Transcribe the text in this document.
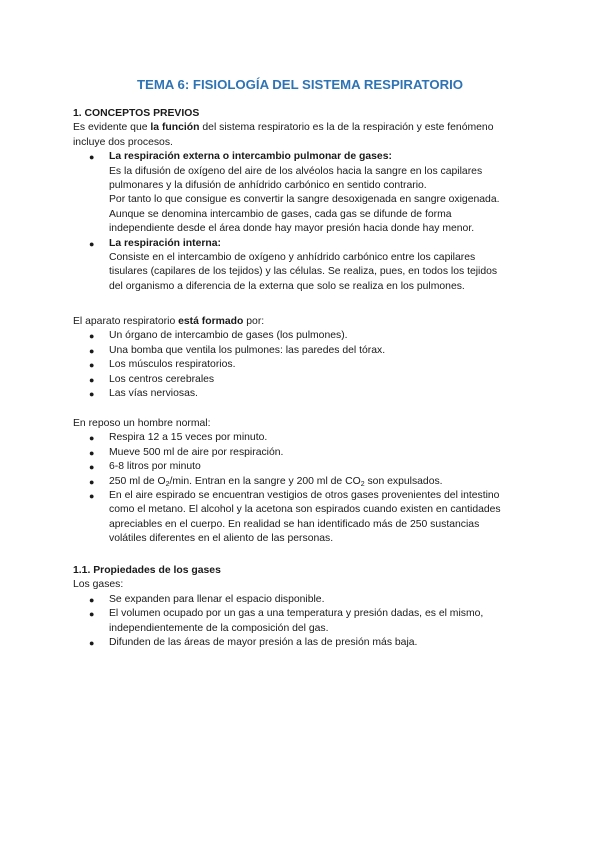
TEMA 6: FISIOLOGÍA DEL SISTEMA RESPIRATORIO
1. CONCEPTOS PREVIOS
Es evidente que la función del sistema respiratorio es la de la respiración y este fenómeno
incluye dos procesos.
● La respiración externa o intercambio pulmonar de gases:
Es la difusión de oxígeno del aire de los alvéolos hacia la sangre en los capilares
pulmonares y la difusión de anhídrido carbónico en sentido contrario.
Por tanto lo que consigue es convertir la sangre desoxigenada en sangre oxigenada.
Aunque se denomina intercambio de gases, cada gas se difunde de forma
independiente desde el área donde hay mayor presión hacia donde hay menor.
● La respiración interna:
Consiste en el intercambio de oxígeno y anhídrido carbónico entre los capilares
tisulares (capilares de los tejidos) y las células. Se realiza, pues, en todos los tejidos
del organismo a diferencia de la externa que solo se realiza en los pulmones.
El aparato respiratorio está formado por:
● Un órgano de intercambio de gases (los pulmones).
● Una bomba que ventila los pulmones: las paredes del tórax.
● Los músculos respiratorios.
● Los centros cerebrales
● Las vías nerviosas.
En reposo un hombre normal:
● Respira 12 a 15 veces por minuto.
● Mueve 500 ml de aire por respiración.
● 6-8 litros por minuto
● 250 ml de $O_2/\min$. Entran en la sangre y 200 ml de $CO_2$ son expulsados.
● En el aire espirado se encuentran vestigios de otros gases provenientes del intestino
como el metano. El alcohol y la acetona son espirados cuando existen en cantidades
apreciables en el cuerpo. En realidad se han identificado más de 250 sustancias
volátiles diferentes en el aliento de las personas.
1.1. Propiedades de los gases
Los gases:
● Se expanden para llenar el espacio disponible.
● El volumen ocupado por un gas a una temperatura y presión dadas, es el mismo,
independientemente de la composición del gas.
● Difunden de las áreas de mayor presión a las de presión más baja.
